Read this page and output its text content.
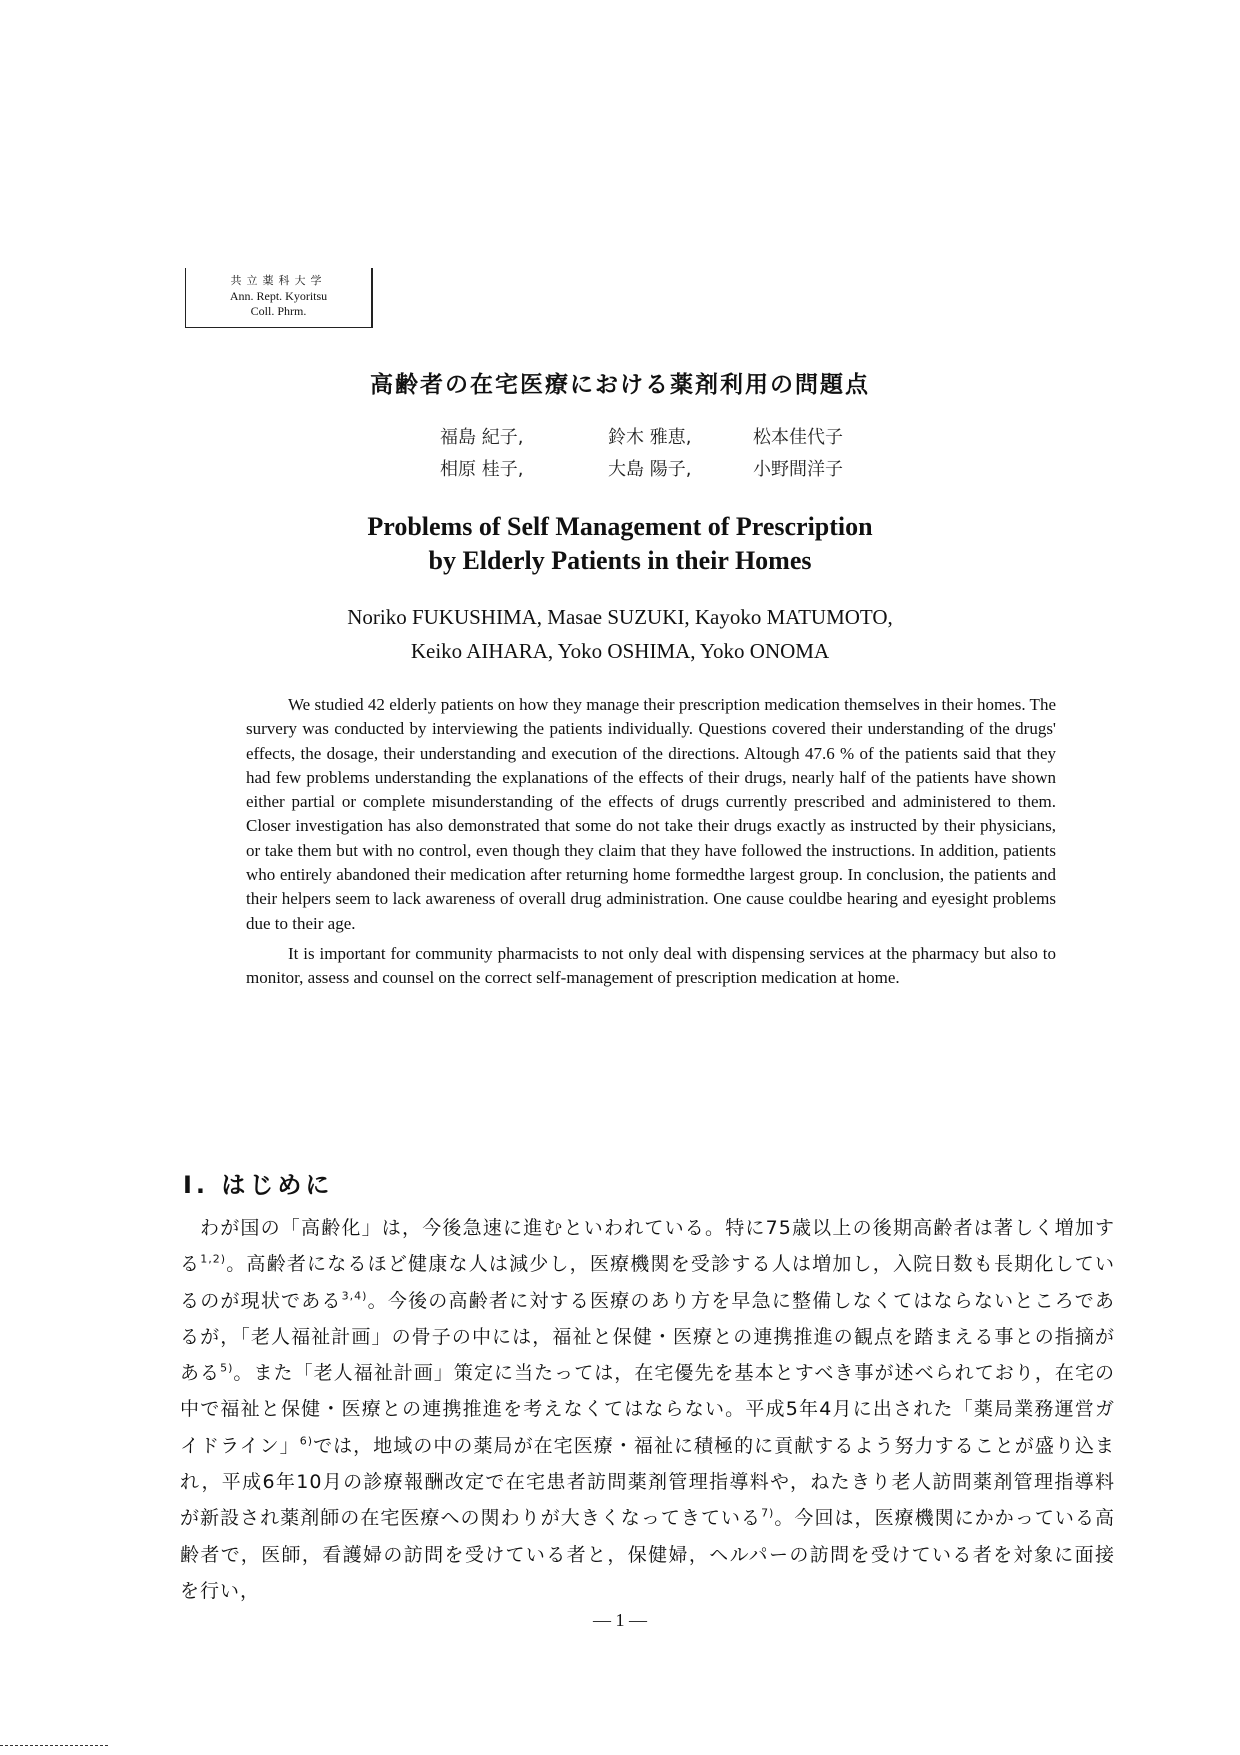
共立薬科大学
Ann. Rept. Kyoritsu
Coll. Phrm.
高齢者の在宅医療における薬剤利用の問題点
福島 紀子,	鈴木 雅恵,	松本佳代子
相原 桂子,	大島 陽子,	小野間洋子
Problems of Self Management of Prescription
by Elderly Patients in their Homes
Noriko FUKUSHIMA, Masae SUZUKI, Kayoko MATUMOTO,
Keiko AIHARA, Yoko OSHIMA, Yoko ONOMA

We studied 42 elderly patients on how they manage their prescription medication themselves in their homes. The survery was conducted by interviewing the patients individually. Questions covered their understanding of the drugs' effects, the dosage, their understanding and execution of the directions. Altough 47.6 % of the patients said that they had few problems understanding the explanations of the effects of their drugs, nearly half of the patients have shown either partial or complete misunderstanding of the effects of drugs currently prescribed and administered to them. Closer investigation has also demonstrated that some do not take their drugs exactly as instructed by their physicians, or take them but with no control, even though they claim that they have followed the instructions. In addition, patients who entirely abandoned their medication after returning home formedthe largest group. In conclusion, the patients and their helpers seem to lack awareness of overall drug administration. One cause couldbe hearing and eyesight problems due to their age.

It is important for community pharmacists to not only deal with dispensing services at the pharmacy but also to monitor, assess and counsel on the correct self-management of prescription medication at home.

Ⅰ. はじめに

わが国の「高齢化」は，今後急速に進むといわれている。特に75歳以上の後期高齢者は著しく増加する$^{1,2)}$。高齢者になるほど健康な人は減少し，医療機関を受診する人は増加し，入院日数も長期化しているのが現状である$^{3,4)}$。今後の高齢者に対する医療のあり方を早急に整備しなくてはならないところであるが，「老人福祉計画」の骨子の中には，福祉と保健・医療との連携推進の観点を踏まえる事との指摘がある$^{5)}$。また「老人福祉計画」策定に当たっては，在宅優先を基本とすべき事が述べられており，在宅の中で福祉と保健・医療との連携推進を考えなくてはならない。平成5年4月に出された「薬局業務運営ガイドライン」$^{6)}$では，地域の中の薬局が在宅医療・福祉に積極的に貢献するよう努力することが盛り込まれ，平成6年10月の診療報酬改定で在宅患者訪問薬剤管理指導料や，ねたきり老人訪問薬剤管理指導料が新設され薬剤師の在宅医療への関わりが大きくなってきている$^{7)}$。今回は，医療機関にかかっている高齢者で，医師，看護婦の訪問を受けている者と，保健婦，ヘルパーの訪問を受けている者を対象に面接を行い，

— 1 —
